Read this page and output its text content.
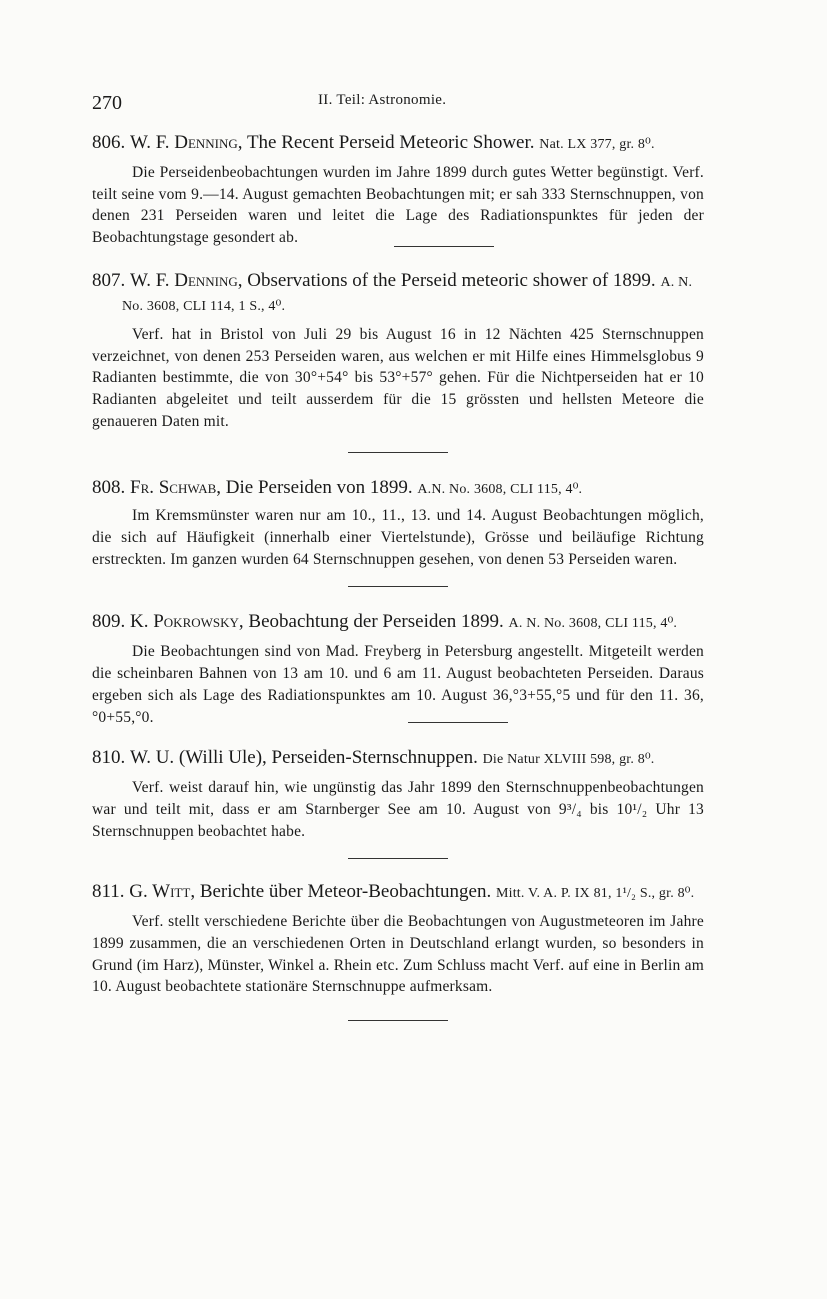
270	II. Teil: Astronomie.
806. W. F. Denning, The Recent Perseid Meteoric Shower. Nat. LX 377, gr. 8⁰.
Die Perseidenbeobachtungen wurden im Jahre 1899 durch gutes Wetter begünstigt. Verf. teilt seine vom 9.—14. August gemachten Beobachtungen mit; er sah 333 Sternschnuppen, von denen 231 Perseiden waren und leitet die Lage des Radiationspunktes für jeden der Beobachtungstage gesondert ab.
807. W. F. Denning, Observations of the Perseid meteoric shower of 1899. A. N. No. 3608, CLI 114, 1 S., 4⁰.
Verf. hat in Bristol von Juli 29 bis August 16 in 12 Nächten 425 Sternschnuppen verzeichnet, von denen 253 Perseiden waren, aus welchen er mit Hilfe eines Himmelsglobus 9 Radianten bestimmte, die von 30°+54° bis 53°+57° gehen. Für die Nichtperseiden hat er 10 Radianten abgeleitet und teilt ausserdem für die 15 grössten und hellsten Meteore die genaueren Daten mit.
808. Fr. Schwab, Die Perseiden von 1899. A.N. No. 3608, CLI 115, 4⁰.
Im Kremsmünster waren nur am 10., 11., 13. und 14. August Beobachtungen möglich, die sich auf Häufigkeit (innerhalb einer Viertelstunde), Grösse und beiläufige Richtung erstreckten. Im ganzen wurden 64 Sternschnuppen gesehen, von denen 53 Perseiden waren.
809. K. Pokrowsky, Beobachtung der Perseiden 1899. A. N. No. 3608, CLI 115, 4⁰.
Die Beobachtungen sind von Mad. Freyberg in Petersburg angestellt. Mitgeteilt werden die scheinbaren Bahnen von 13 am 10. und 6 am 11. August beobachteten Perseiden. Daraus ergeben sich als Lage des Radiationspunktes am 10. August 36,°3+55,°5 und für den 11. 36,°0+55,°0.
810. W. U. (Willi Ule), Perseiden-Sternschnuppen. Die Natur XLVIII 598, gr. 8⁰.
Verf. weist darauf hin, wie ungünstig das Jahr 1899 den Sternschnuppenbeobachtungen war und teilt mit, dass er am Starnberger See am 10. August von 9³/₄ bis 10¹/₂ Uhr 13 Sternschnuppen beobachtet habe.
811. G. Witt, Berichte über Meteor-Beobachtungen. Mitt. V. A. P. IX 81, 1¹/₂ S., gr. 8⁰.
Verf. stellt verschiedene Berichte über die Beobachtungen von Augustmeteoren im Jahre 1899 zusammen, die an verschiedenen Orten in Deutschland erlangt wurden, so besonders in Grund (im Harz), Münster, Winkel a. Rhein etc. Zum Schluss macht Verf. auf eine in Berlin am 10. August beobachtete stationäre Sternschnuppe aufmerksam.
